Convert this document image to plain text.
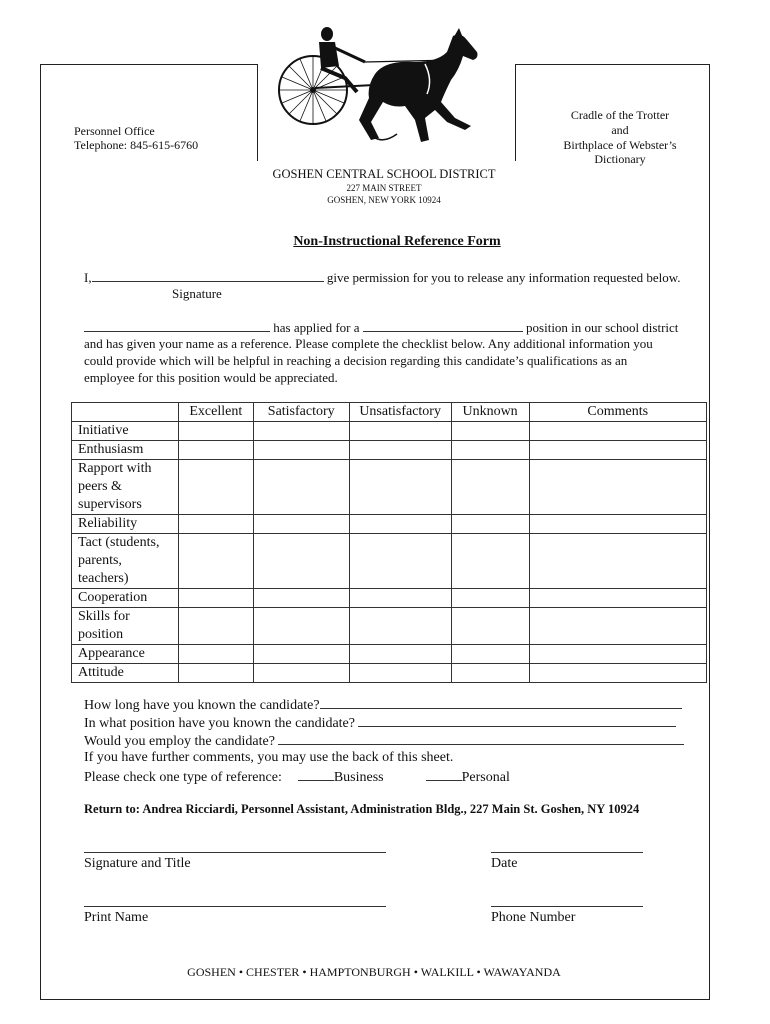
Personnel Office
Telephone: 845-615-6760
Cradle of the Trotter
and
Birthplace of Webster’s
Dictionary
GOSHEN CENTRAL SCHOOL DISTRICT
227 MAIN STREET
GOSHEN, NEW YORK 10924
Non-Instructional Reference Form
I,	give permission for you to release any information requested below.
Signature
has applied for a	position in our school district
and has given your name as a reference. Please complete the checklist below. Any additional information you
could provide which will be helpful in reaching a decision regarding this candidate’s qualifications as an
employee for this position would be appreciated.
	Excellent	Satisfactory	Unsatisfactory	Unknown	Comments
Initiative					
Enthusiasm					
Rapport with peers & supervisors					
Reliability					
Tact (students, parents, teachers)					
Cooperation					
Skills for position					
Appearance					
Attitude					
How long have you known the candidate?
In what position have you known the candidate?
Would you employ the candidate?
If you have further comments, you may use the back of this sheet.
Please check one type of reference:	Business	Personal
Return to: Andrea Ricciardi, Personnel Assistant, Administration Bldg., 227 Main St. Goshen, NY 10924
Signature and Title	Date
Print Name	Phone Number
GOSHEN • CHESTER • HAMPTONBURGH • WALKILL • WAWAYANDA
